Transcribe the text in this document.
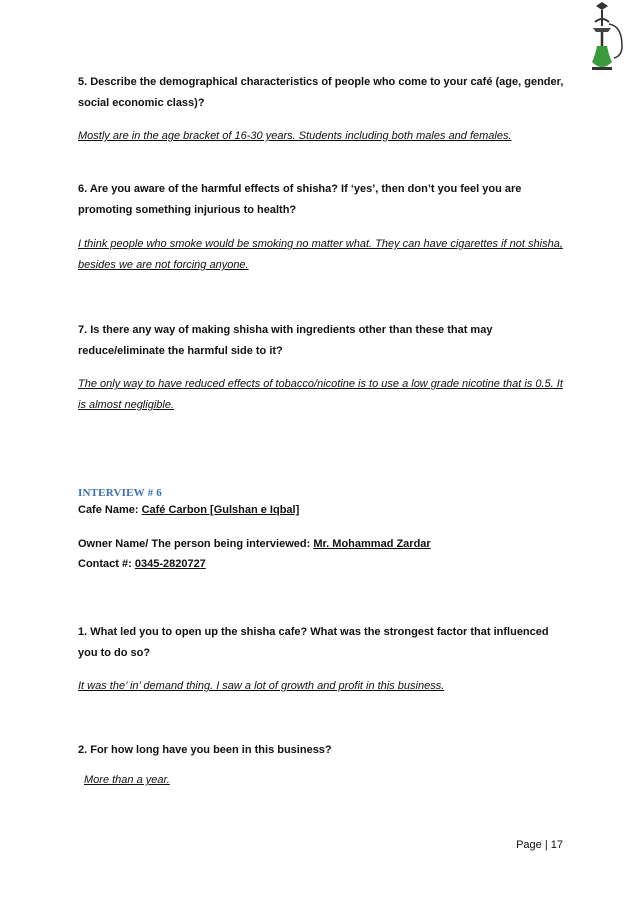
5. Describe the demographical characteristics of people who come to your café (age, gender, social economic class)?

Mostly are in the age bracket of 16-30 years. Students including both males and females.

6. Are you aware of the harmful effects of shisha? If ‘yes’, then don’t you feel you are promoting something injurious to health?

I think people who smoke would be smoking no matter what. They can have cigarettes if not shisha, besides we are not forcing anyone.

7. Is there any way of making shisha with ingredients other than these that may reduce/eliminate the harmful side to it?

The only way to have reduced effects of tobacco/nicotine is to use a low grade nicotine that is 0.5. It is almost negligible.

INTERVIEW # 6

Cafe Name: Café Carbon [Gulshan e Iqbal]

Owner Name/ The person being interviewed: Mr. Mohammad Zardar

Contact #: 0345-2820727

1. What led you to open up the shisha cafe? What was the strongest factor that influenced you to do so?

It was the’ in’ demand thing. I saw a lot of growth and profit in this business.

2. For how long have you been in this business?

More than a year.

Page | 17
